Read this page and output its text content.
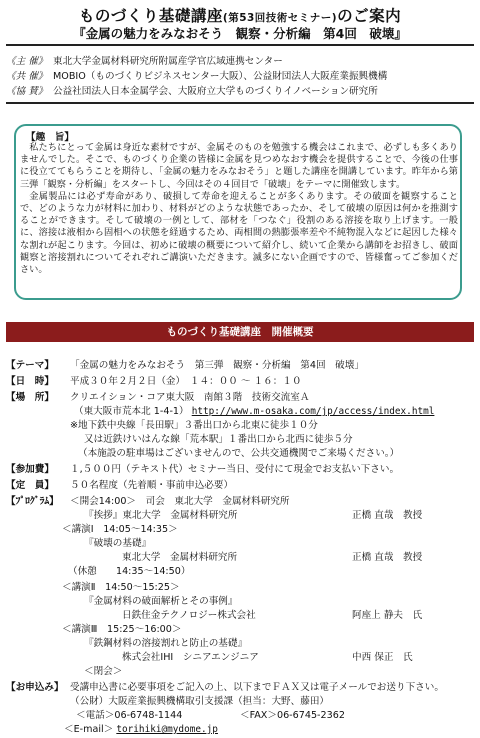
ものづくり基礎講座(第53回技術セミナー)のご案内
『金属の魅力をみなおそう　観察・分析編　第4回　破壊』
《主 催》 東北大学金属材料研究所附属産学官広域連携センター
《共 催》 MOBIO（ものづくりビジネスセンター大阪）、公益財団法人大阪産業振興機構
《協 賛》 公益社団法人日本金属学会、大阪府立大学ものづくりイノベーション研究所
【趣　旨】

私たちにとって金属は身近な素材ですが、金属そのものを勉強する機会はこれまで、必ずしも多くありませんでした。そこで、ものづくり企業の皆様に金属を見つめなおす機会を提供することで、今後の仕事に役立ててもらうことを期待し、「金属の魅力をみなおそう」と題した講座を開講しています。昨年から第三弾「観察・分析編」をスタートし、今回はその４回目で「破壊」をテーマに開催致します。

金属製品には必ず寿命があり、破損して寿命を迎えることが多くあります。その破面を観察することで、どのような力が材料に加わり、材料がどのような状態であったか、そして破壊の原因は何かを推測することができます。そして破壊の一例として、部材を「つなぐ」役割のある溶接を取り上げます。一般に、溶接は液相から固相への状態を経過するため、両相間の熱膨張率差や不純物混入などに起因した様々な割れが起こります。今回は、初めに破壊の概要について紹介し、続いて企業から講師をお招きし、破面観察と溶接割れについてそれぞれご講演いただきます。滅多にない企画ですので、皆様奮ってご参加ください。

ものづくり基礎講座　開催概要
【テーマ】 「金属の魅力をみなおそう　第三弾　観察・分析編　第4回　破壊」
【日　時】 平成３０年２月２日（金）　１４：００ ～ １６：１０
【場　所】 クリエイション・コア東大阪　南館３階　技術交流室Ａ
（東大阪市荒本北 1-4-1） http://www.m-osaka.com/jp/access/index.html
※地下鉄中央線「長田駅」３番出口から北東に徒歩１０分
又は近鉄けいはんな線「荒本駅」１番出口から北西に徒歩５分
（本施設の駐車場はございませんので、公共交通機関でご来場ください。）
【参加費】 １,５００円（テキスト代）セミナー当日、受付にて現金でお支払い下さい。
【定　員】 ５０名程度（先着順・事前申込必要）
【ﾌﾟﾛｸﾞﾗﾑ】 ＜開会14:00＞　司会　東北大学　金属材料研究所
『挨拶』東北大学　金属材料研究所	正橋 直哉　教授
＜講演Ⅰ　14:05～14:35＞
『破壊の基礎』
東北大学　金属材料研究所	正橋 直哉　教授
（休憩　　14:35～14:50）
＜講演Ⅱ　14:50～15:25＞
『金属材料の破面解析とその事例』
日鉄住金テクノロジー株式会社	阿座上 静夫　氏
＜講演Ⅲ　15:25～16:00＞
『鉄鋼材料の溶接割れと防止の基礎』
株式会社IHI　シニアエンジニア	中西 保正　氏
＜閉会＞
【お申込み】 受講申込書に必要事項をご記入の上、以下までＦＡＸ又は電子メールでお送り下さい。
（公財）大阪産業振興機構取引支援課（担当：大野、藤田）
＜電話＞06-6748-1144	＜FAX＞06-6745-2362
＜E-mail＞ torihiki@mydome.jp
